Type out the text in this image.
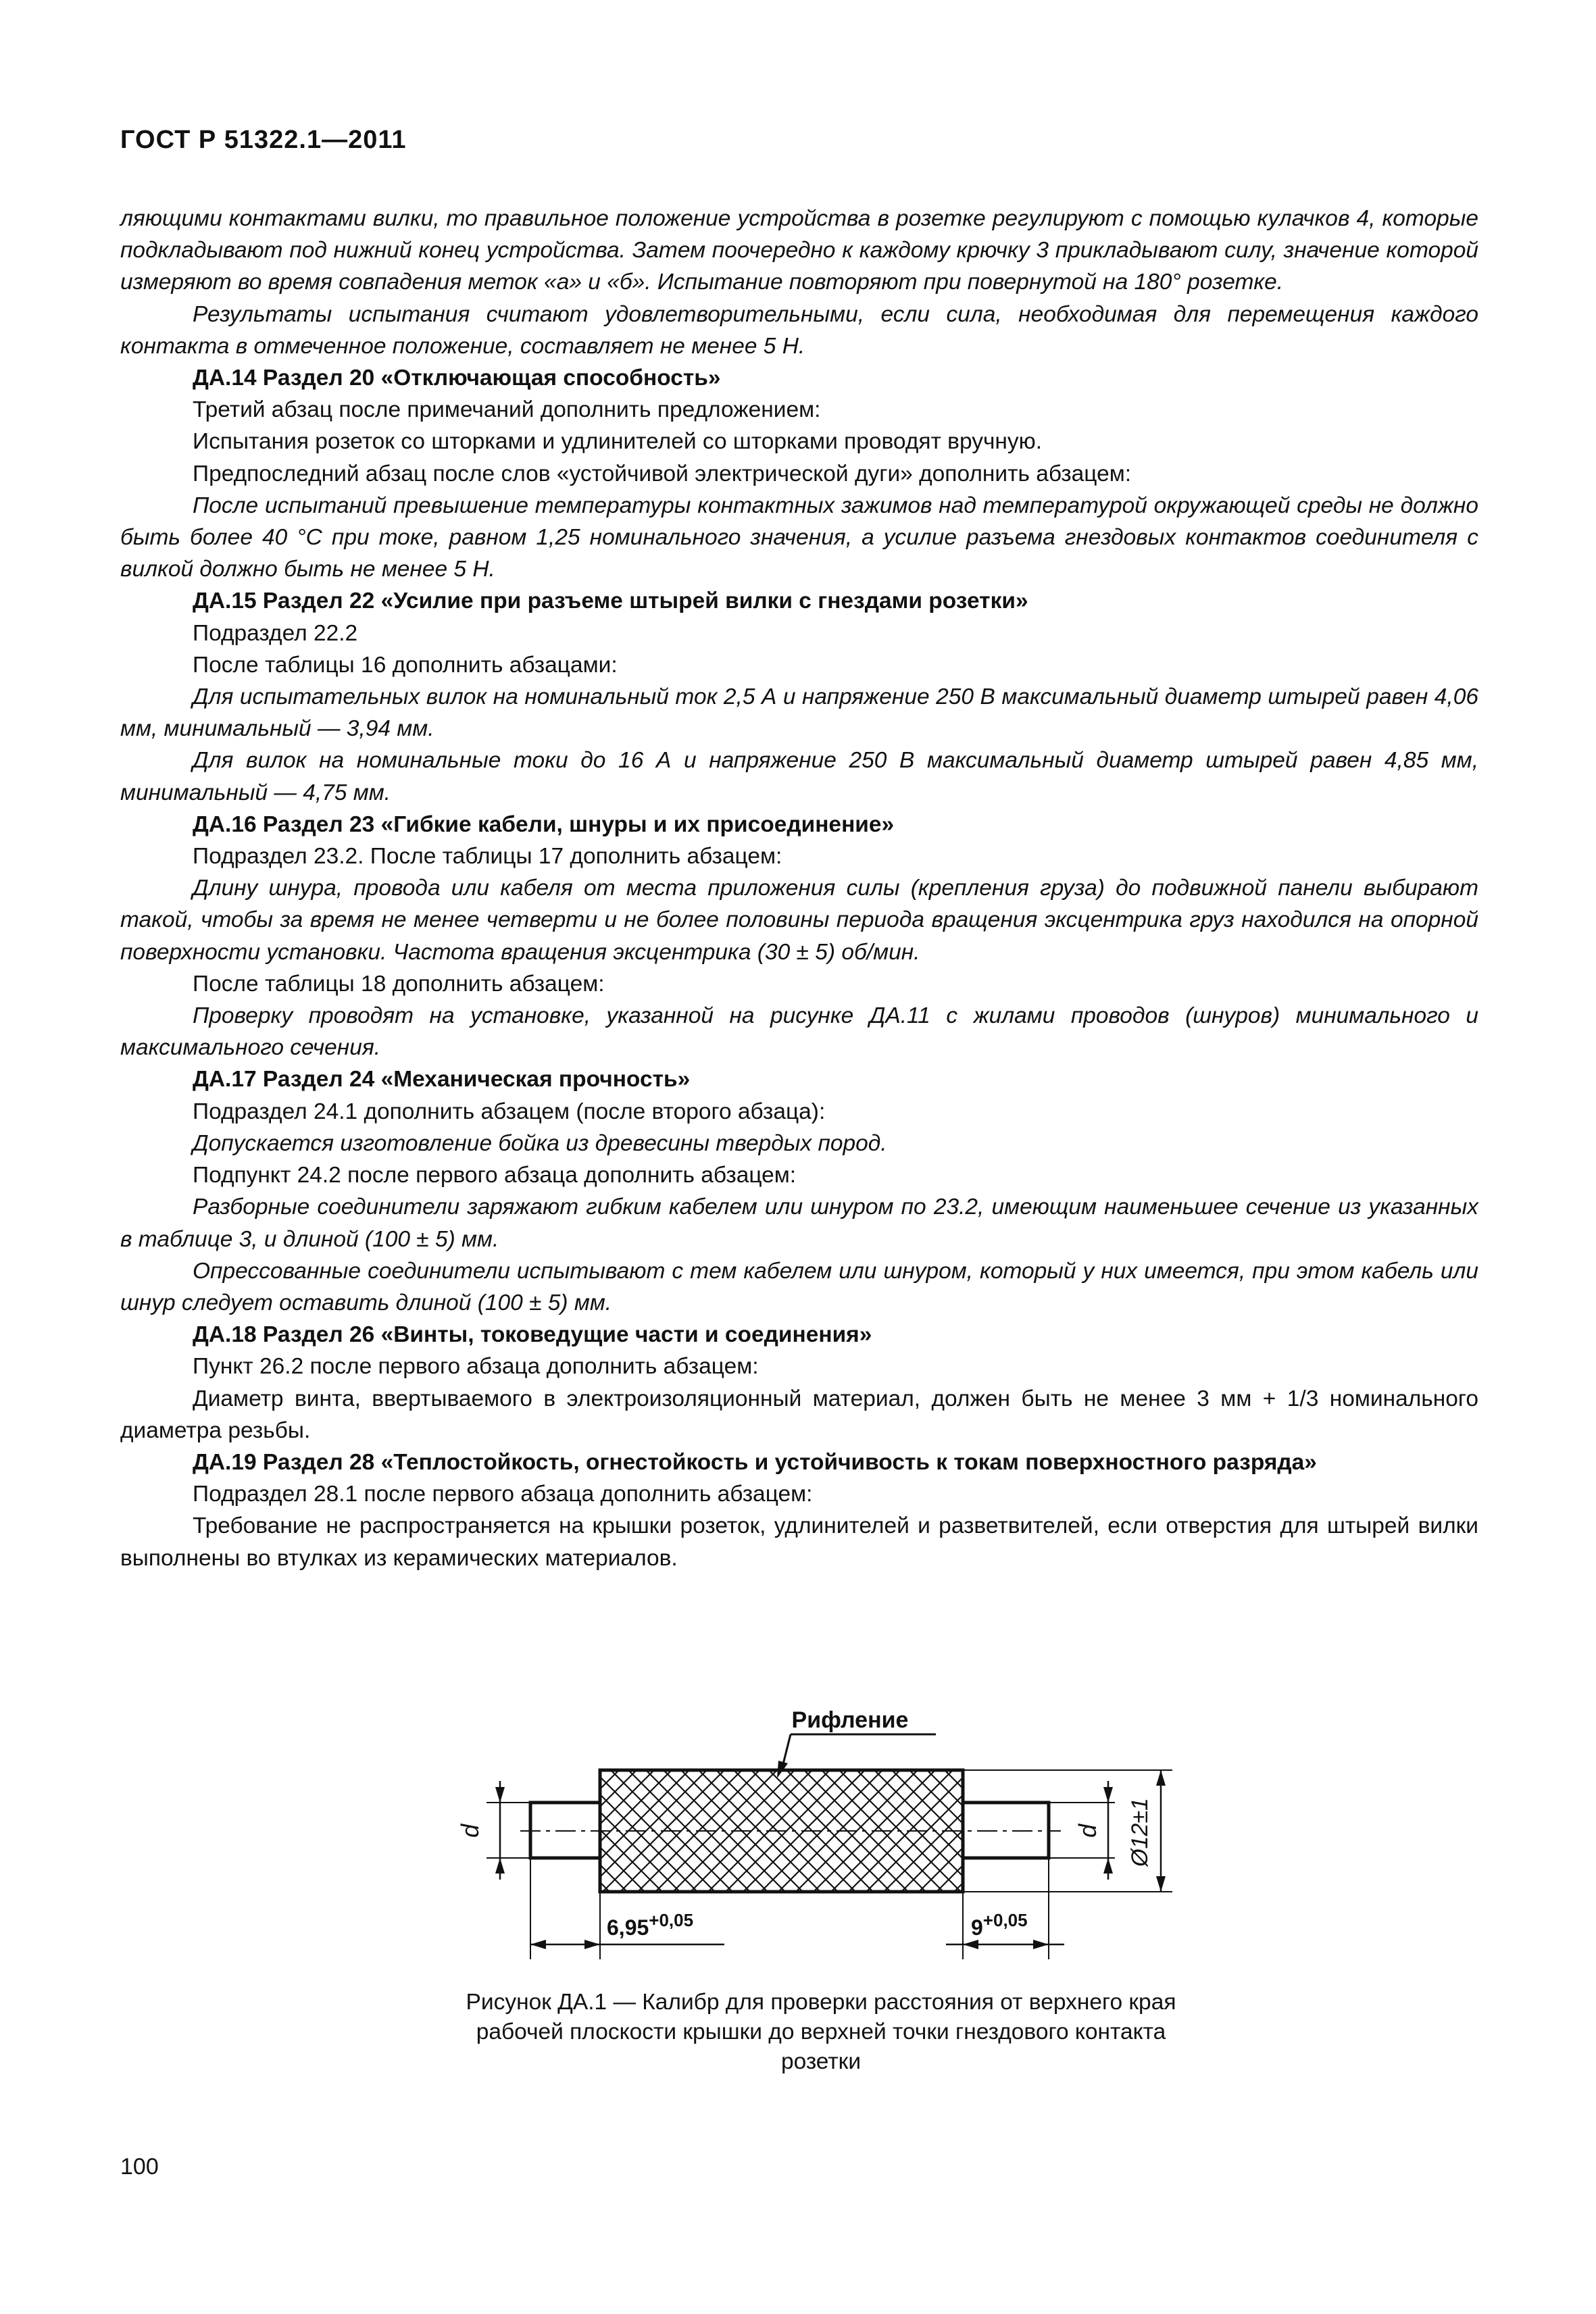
ГОСТ Р 51322.1—2011

ляющими контактами вилки, то правильное положение устройства в розетке регулируют с помощью кулачков 4, которые подкладывают под нижний конец устройства. Затем поочередно к каждому крючку 3 прикладывают силу, значение которой измеряют во время совпадения меток «а» и «б». Испытание повторяют при повернутой на 180° розетке.

Результаты испытания считают удовлетворительными, если сила, необходимая для перемещения каждого контакта в отмеченное положение, составляет не менее 5 Н.

ДА.14 Раздел 20 «Отключающая способность»

Третий абзац после примечаний дополнить предложением:

Испытания розеток со шторками и удлинителей со шторками проводят вручную.

Предпоследний абзац после слов «устойчивой электрической дуги» дополнить абзацем:

После испытаний превышение температуры контактных зажимов над температурой окружающей среды не должно быть более 40 °С при токе, равном 1,25 номинального значения, а усилие разъема гнездовых контактов соединителя с вилкой должно быть не менее 5 Н.

ДА.15 Раздел 22 «Усилие при разъеме штырей вилки с гнездами розетки»

Подраздел 22.2

После таблицы 16 дополнить абзацами:

Для испытательных вилок на номинальный ток 2,5 А и напряжение 250 В максимальный диаметр штырей равен 4,06 мм, минимальный — 3,94 мм.

Для вилок на номинальные токи до 16 А и напряжение 250 В максимальный диаметр штырей равен 4,85 мм, минимальный — 4,75 мм.

ДА.16 Раздел 23 «Гибкие кабели, шнуры и их присоединение»

Подраздел 23.2. После таблицы 17 дополнить абзацем:

Длину шнура, провода или кабеля от места приложения силы (крепления груза) до подвижной панели выбирают такой, чтобы за время не менее четверти и не более половины периода вращения эксцентрика груз находился на опорной поверхности установки. Частота вращения эксцентрика (30 ± 5) об/мин.

После таблицы 18 дополнить абзацем:

Проверку проводят на установке, указанной на рисунке ДА.11 с жилами проводов (шнуров) минимального и максимального сечения.

ДА.17 Раздел 24 «Механическая прочность»

Подраздел 24.1 дополнить абзацем (после второго абзаца):

Допускается изготовление бойка из древесины твердых пород.

Подпункт 24.2 после первого абзаца дополнить абзацем:

Разборные соединители заряжают гибким кабелем или шнуром по 23.2, имеющим наименьшее сечение из указанных в таблице 3, и длиной (100 ± 5) мм.

Опрессованные соединители испытывают с тем кабелем или шнуром, который у них имеется, при этом кабель или шнур следует оставить длиной (100 ± 5) мм.

ДА.18 Раздел 26 «Винты, токоведущие части и соединения»

Пункт 26.2 после первого абзаца дополнить абзацем:

Диаметр винта, ввертываемого в электроизоляционный материал, должен быть не менее 3 мм + 1/3 номинального диаметра резьбы.

ДА.19 Раздел 28 «Теплостойкость, огнестойкость и устойчивость к токам поверхностного разряда»

Подраздел 28.1 после первого абзаца дополнить абзацем:

Требование не распространяется на крышки розеток, удлинителей и разветвителей, если отверстия для штырей вилки выполнены во втулках из керамических материалов.

Рифление
d	d Ø12±1
$6,95^{+0,05}$	$9^{+0,05}$
Рисунок ДА.1 — Калибр для проверки расстояния от верхнего края рабочей плоскости крышки до верхней точки гнездового контакта розетки
100
